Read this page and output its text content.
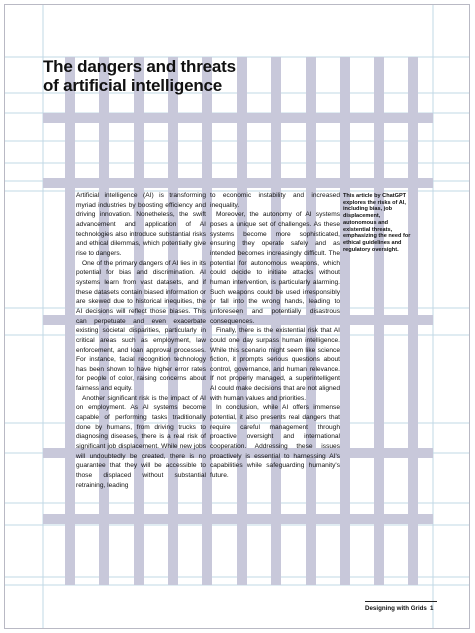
The dangers and threats
of artificial intelligence

Artificial intelligence (AI) is transforming myriad industries by boosting efficiency and driving innovation. Nonetheless, the swift advancement and application of AI technologies also introduce substantial risks and ethical dilemmas, which potentially give rise to dangers.

One of the primary dangers of AI lies in its potential for bias and discrimination. AI systems learn from vast datasets, and if these datasets contain biased information or are skewed due to historical inequities, the AI decisions will reflect those biases. This can perpetuate and even exacerbate existing societal disparities, particularly in critical areas such as employment, law enforcement, and loan approval processes. For instance, facial recognition technology has been shown to have higher error rates for people of color, raising concerns about fairness and equity.

Another significant risk is the impact of AI on employment. As AI systems become capable of performing tasks traditionally done by humans, from driving trucks to diagnosing diseases, there is a real risk of significant job displacement. While new jobs will undoubtedly be created, there is no guarantee that they will be accessible to those displaced without substantial retraining, leading

to economic instability and increased inequality.

Moreover, the autonomy of AI systems poses a unique set of challenges. As these systems become more sophisticated, ensuring they operate safely and as intended becomes increasingly difficult. The potential for autonomous weapons, which could decide to initiate attacks without human intervention, is particularly alarming. Such weapons could be used irresponsibly or fall into the wrong hands, leading to unforeseen and potentially disastrous consequences.

Finally, there is the existential risk that AI could one day surpass human intelligence. While this scenario might seem like science fiction, it prompts serious questions about control, governance, and human relevance. If not properly managed, a superintelligent AI could make decisions that are not aligned with human values and priorities.

In conclusion, while AI offers immense potential, it also presents real dangers that require careful management through proactive oversight and international cooperation. Addressing these issues proactively is essential to harnessing AI's capabilities while safeguarding humanity's future.

This article by ChatGPT explores the risks of AI, including bias, job displacement, autonomous and existential threats, emphasizing the need for ethical guidelines and regulatory oversight.
Designing with Grids 1
